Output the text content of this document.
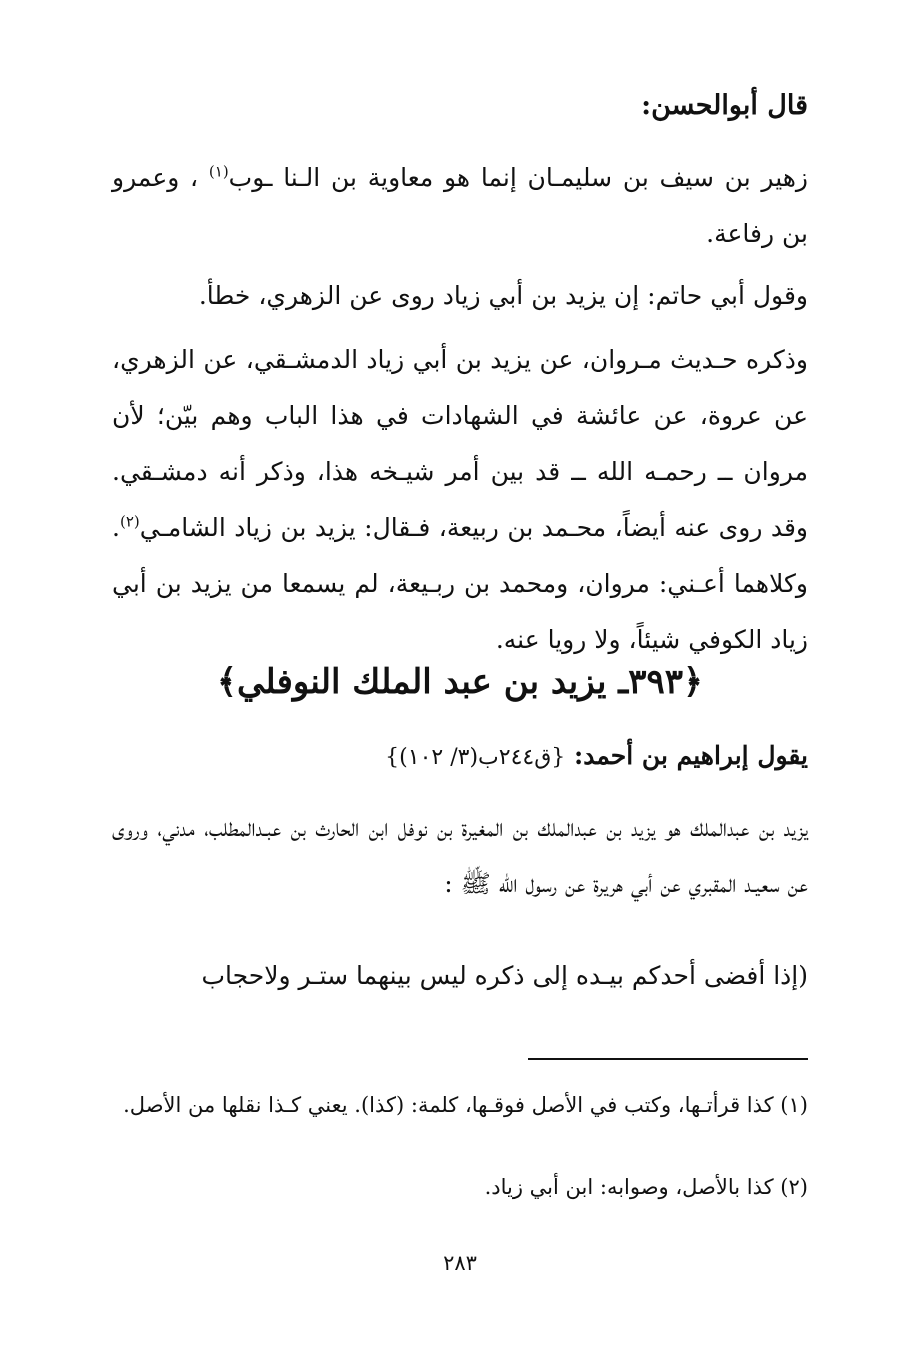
قال أبوالحسن:
زهير بن سيف بن سليمـان إنما هو معاوية بن الـنا ـوب$^{(١)}$ ، وعمرو بن رفاعة.
وقول أبي حاتم: إن يزيد بن أبي زياد روى عن الزهري، خطأ.
وذكره حـديث مـروان، عن يزيد بن أبي زياد الدمشـقي، عن الزهري، عن عروة، عن عائشة في الشهادات في هذا الباب وهم بيّن؛ لأن مروان ــ رحمـه الله ــ قد بين أمر شيـخه هذا، وذكر أنه دمشـقي. وقد روى عنه أيضاً، محـمد بن ربيعة، فـقال: يزيد بن زياد الشامـي$^{(٢)}$. وكلاهما أعـني: مروان، ومحمد بن ربـيعة، لم يسمعا من يزيد بن أبي زياد الكوفي شيئاً، ولا رويا عنه.
﴿٣٩٣ـ يزيد بن عبد الملك النوفلي﴾
يقول إبراهيم بن أحمد: {ق٢٤٤ب(٣/ ١٠٢)}
يزيد بن عبدالملك هو يزيد بن عبدالملك بن المغيرة بن نوفل ابن الحارث بن عبـدالمطلب، مدني، وروى عن سعيـد المقبري عن أبي هريرة عن رسول الله ﷺ :
(إذا أفضى أحدكم بيـده إلى ذكره ليس بينهما ستـر ولاحجاب
(١) كذا قرأتـها، وكتب في الأصل فوقـها، كلمة: (كذا). يعني كـذا نقلها من الأصل.
(٢) كذا بالأصل، وصوابه: ابن أبي زياد.
٢٨٣
